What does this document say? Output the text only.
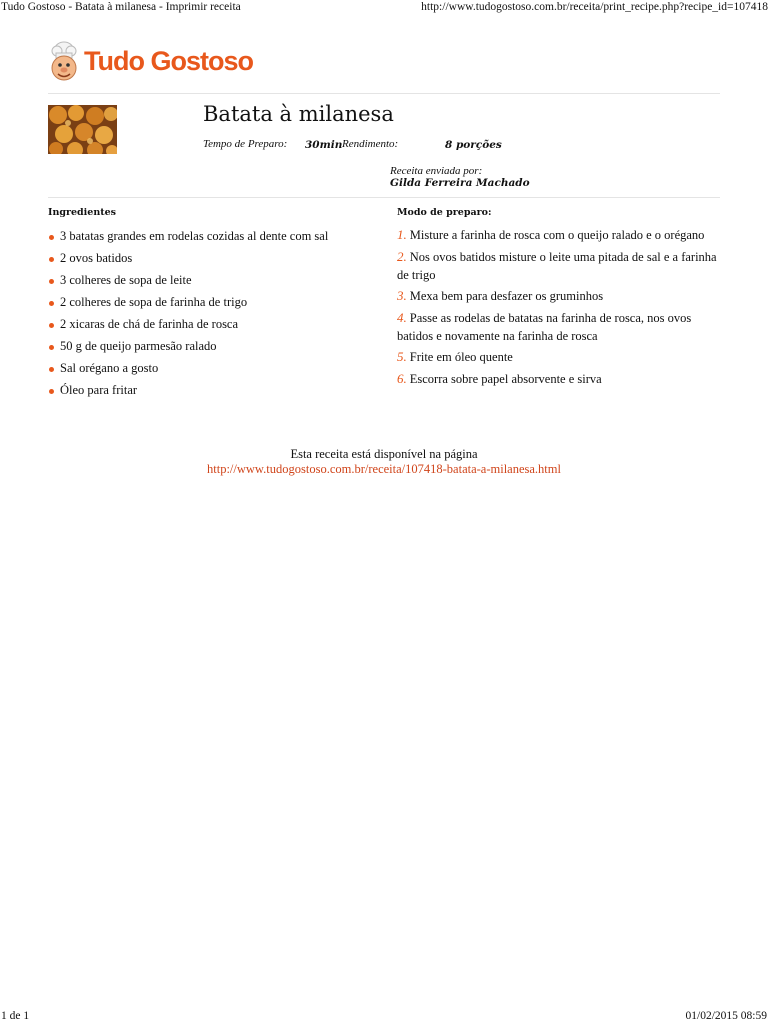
Tudo Gostoso - Batata à milanesa - Imprimir receita	http://www.tudogostoso.com.br/receita/print_recipe.php?recipe_id=107418
Tudo Gostoso
Batata à milanesa
Tempo de Preparo: 30min Rendimento:	8 porções
Receita enviada por:
Gilda Ferreira Machado
Ingredientes	Modo de preparo:
3 batatas grandes em rodelas cozidas al dente com sal
2 ovos batidos
3 colheres de sopa de leite
2 colheres de sopa de farinha de trigo
2 xicaras de chá de farinha de rosca
50 g de queijo parmesão ralado
Sal orégano a gosto
Óleo para fritar
1. Misture a farinha de rosca com o queijo ralado e o orégano
2. Nos ovos batidos misture o leite uma pitada de sal e a farinha de trigo
3. Mexa bem para desfazer os gruminhos
4. Passe as rodelas de batatas na farinha de rosca, nos ovos batidos e novamente na farinha de rosca
5. Frite em óleo quente
6. Escorra sobre papel absorvente e sirva
Esta receita está disponível na página
http://www.tudogostoso.com.br/receita/107418-batata-a-milanesa.html
1 de 1	01/02/2015 08:59
